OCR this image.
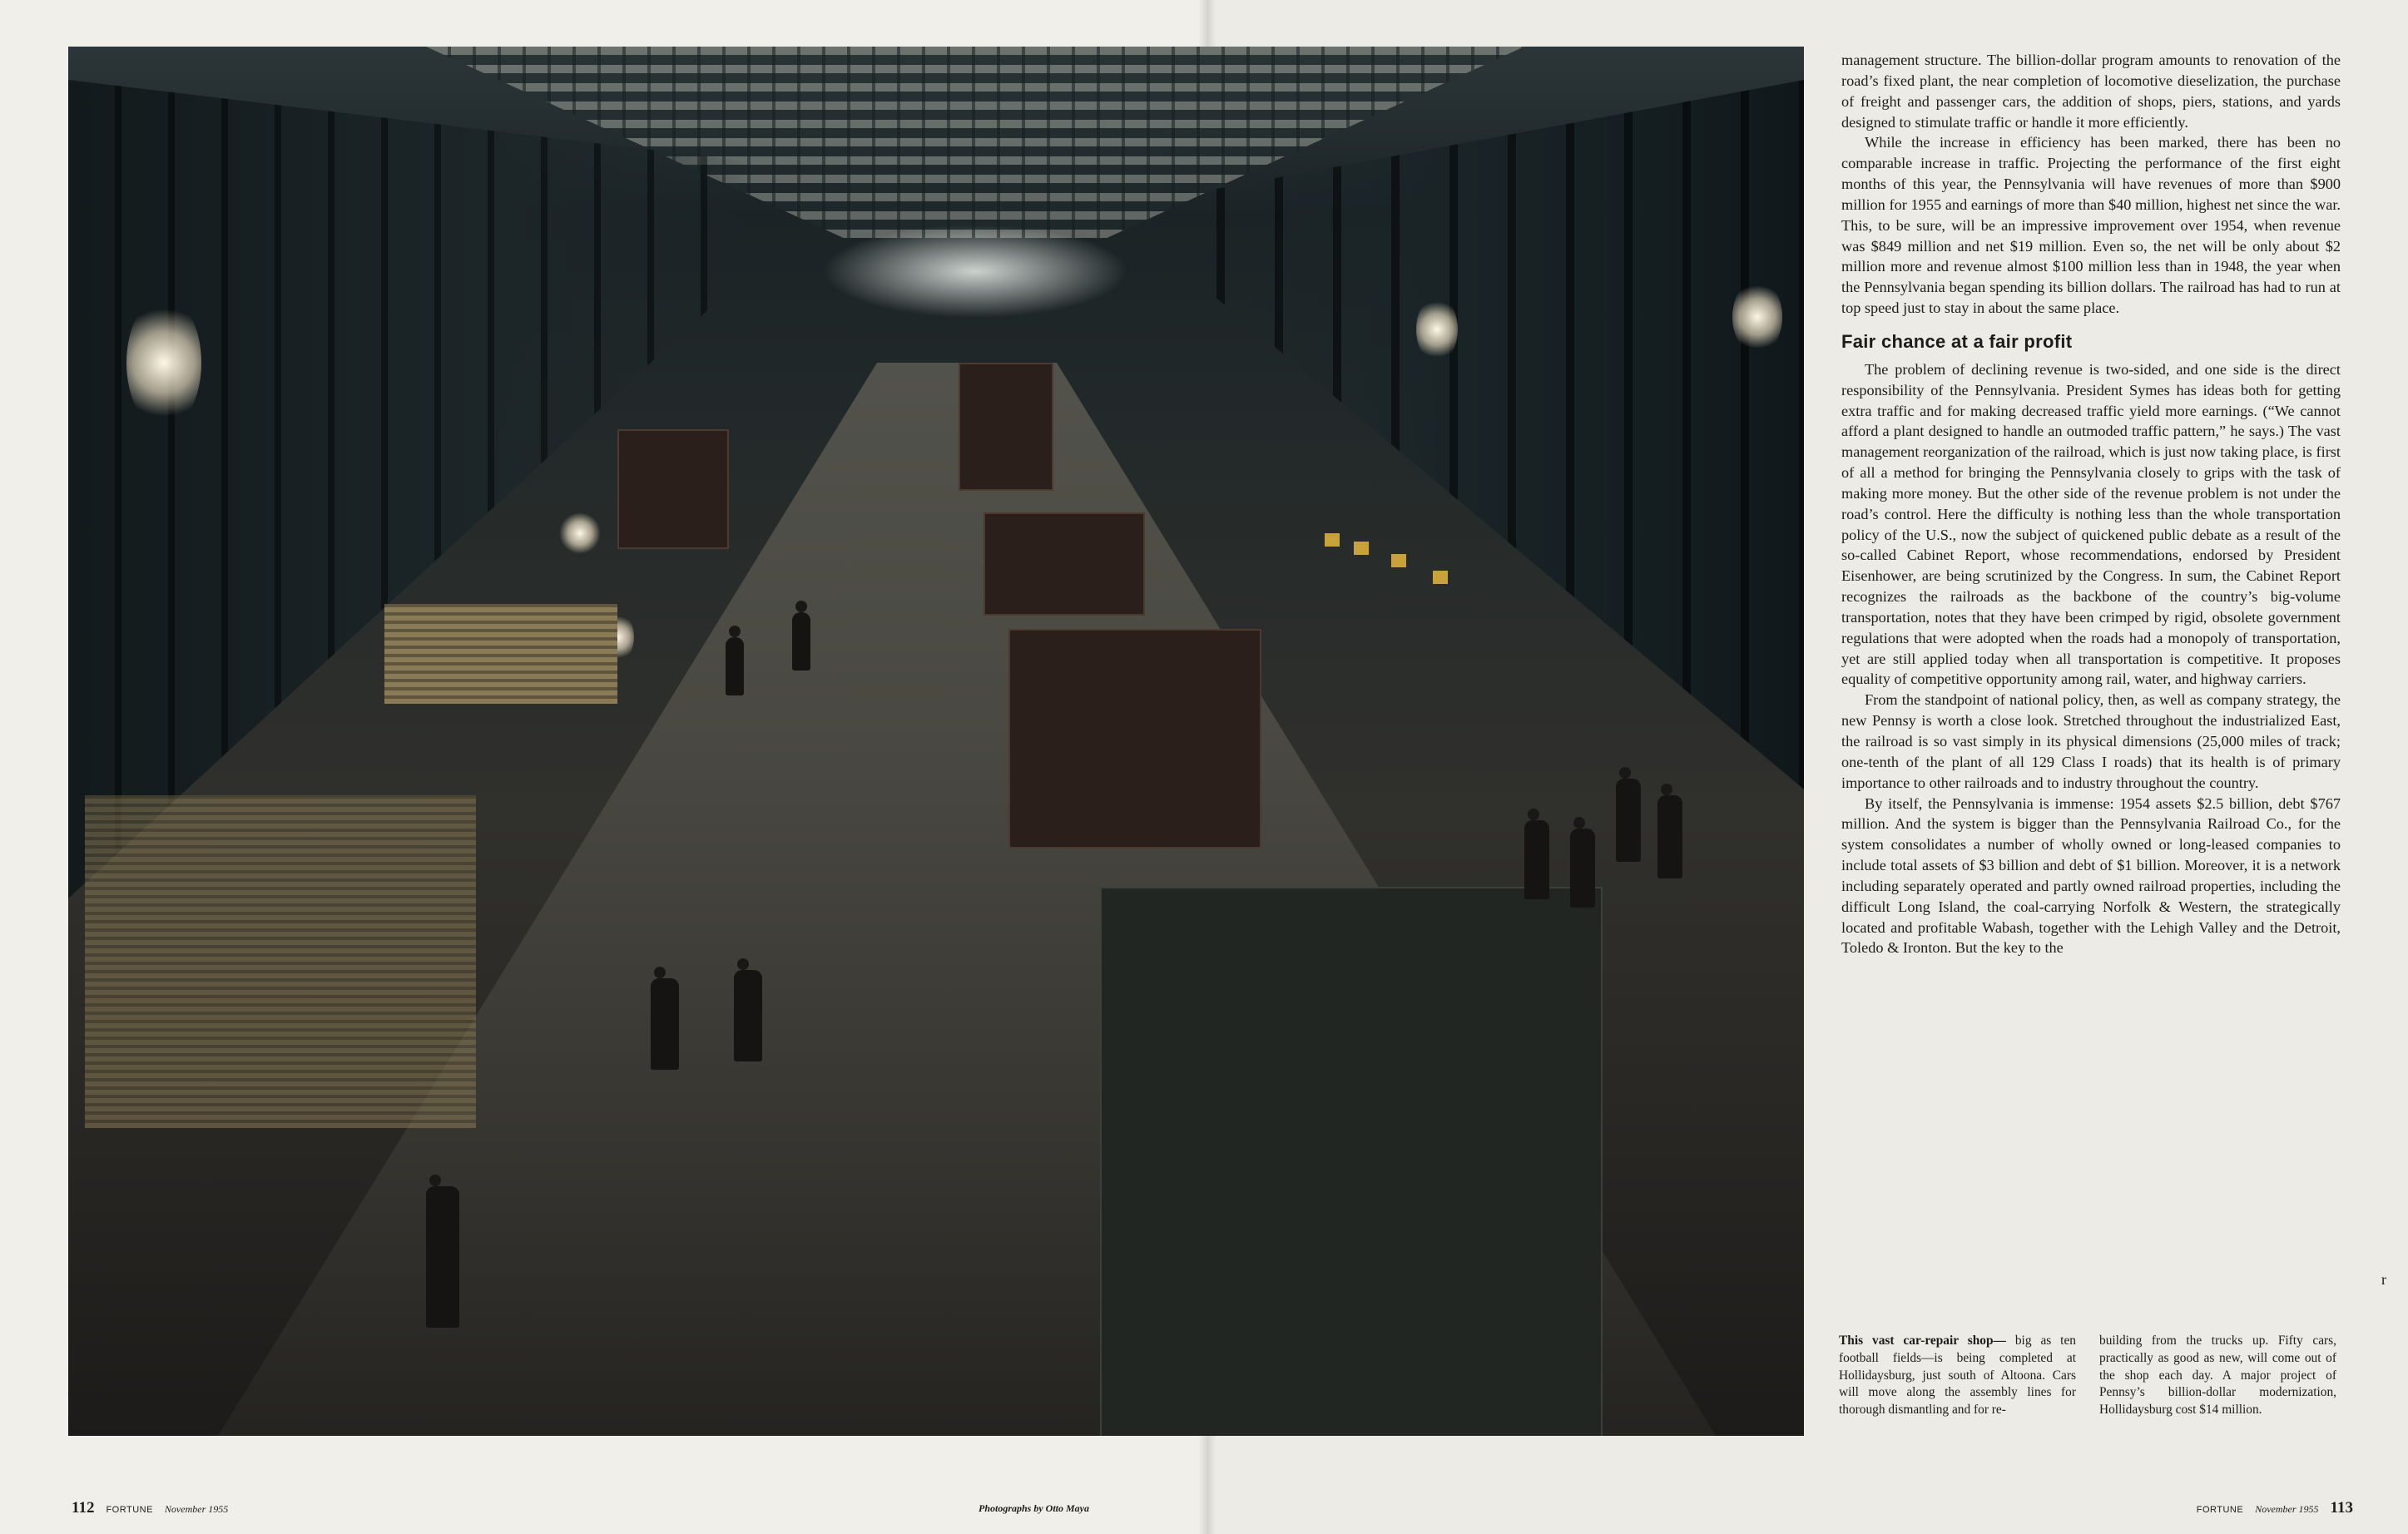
management structure. The billion-dollar program amounts to renovation of the road’s fixed plant, the near completion of locomotive dieselization, the purchase of freight and passenger cars, the addition of shops, piers, stations, and yards designed to stimulate traffic or handle it more efficiently.

While the increase in efficiency has been marked, there has been no comparable increase in traffic. Projecting the performance of the first eight months of this year, the Pennsylvania will have revenues of more than $900 million for 1955 and earnings of more than $40 million, highest net since the war. This, to be sure, will be an impressive improvement over 1954, when revenue was $849 million and net $19 million. Even so, the net will be only about $2 million more and revenue almost $100 million less than in 1948, the year when the Pennsylvania began spending its billion dollars. The railroad has had to run at top speed just to stay in about the same place.

Fair chance at a fair profit

The problem of declining revenue is two-sided, and one side is the direct responsibility of the Pennsylvania. President Symes has ideas both for getting extra traffic and for making decreased traffic yield more earnings. (“We cannot afford a plant designed to handle an outmoded traffic pattern,” he says.) The vast management reorganization of the railroad, which is just now taking place, is first of all a method for bringing the Pennsylvania closely to grips with the task of making more money. But the other side of the revenue problem is not under the road’s control. Here the difficulty is nothing less than the whole transportation policy of the U.S., now the subject of quickened public debate as a result of the so-called Cabinet Report, whose recommendations, endorsed by President Eisenhower, are being scrutinized by the Congress. In sum, the Cabinet Report recognizes the railroads as the backbone of the country’s big-volume transportation, notes that they have been crimped by rigid, obsolete government regulations that were adopted when the roads had a monopoly of transportation, yet are still applied today when all transportation is competitive. It proposes equality of competitive opportunity among rail, water, and highway carriers.

From the standpoint of national policy, then, as well as company strategy, the new Pennsy is worth a close look. Stretched throughout the industrialized East, the railroad is so vast simply in its physical dimensions (25,000 miles of track; one-tenth of the plant of all 129 Class I roads) that its health is of primary importance to other railroads and to industry throughout the country.

By itself, the Pennsylvania is immense: 1954 assets $2.5 billion, debt $767 million. And the system is bigger than the Pennsylvania Railroad Co., for the system consolidates a number of wholly owned or long-leased companies to include total assets of $3 billion and debt of $1 billion. Moreover, it is a network including separately operated and partly owned railroad properties, including the difficult Long Island, the coal-carrying Norfolk & Western, the strategically located and profitable Wabash, together with the Lehigh Valley and the Detroit, Toledo & Ironton. But the key to the

This vast car-repair shop— big as ten football fields—is being completed at Hollidaysburg, just south of Altoona. Cars will move along the assembly lines for thorough dismantling and for re-
building from the trucks up. Fifty cars, practically as good as new, will come out of the shop each day. A major project of Pennsy’s billion-dollar modernization, Hollidaysburg cost $14 million.
112 FORTUNE November 1955	Photographs by Otto Maya	FORTUNE November 1955 113
r
